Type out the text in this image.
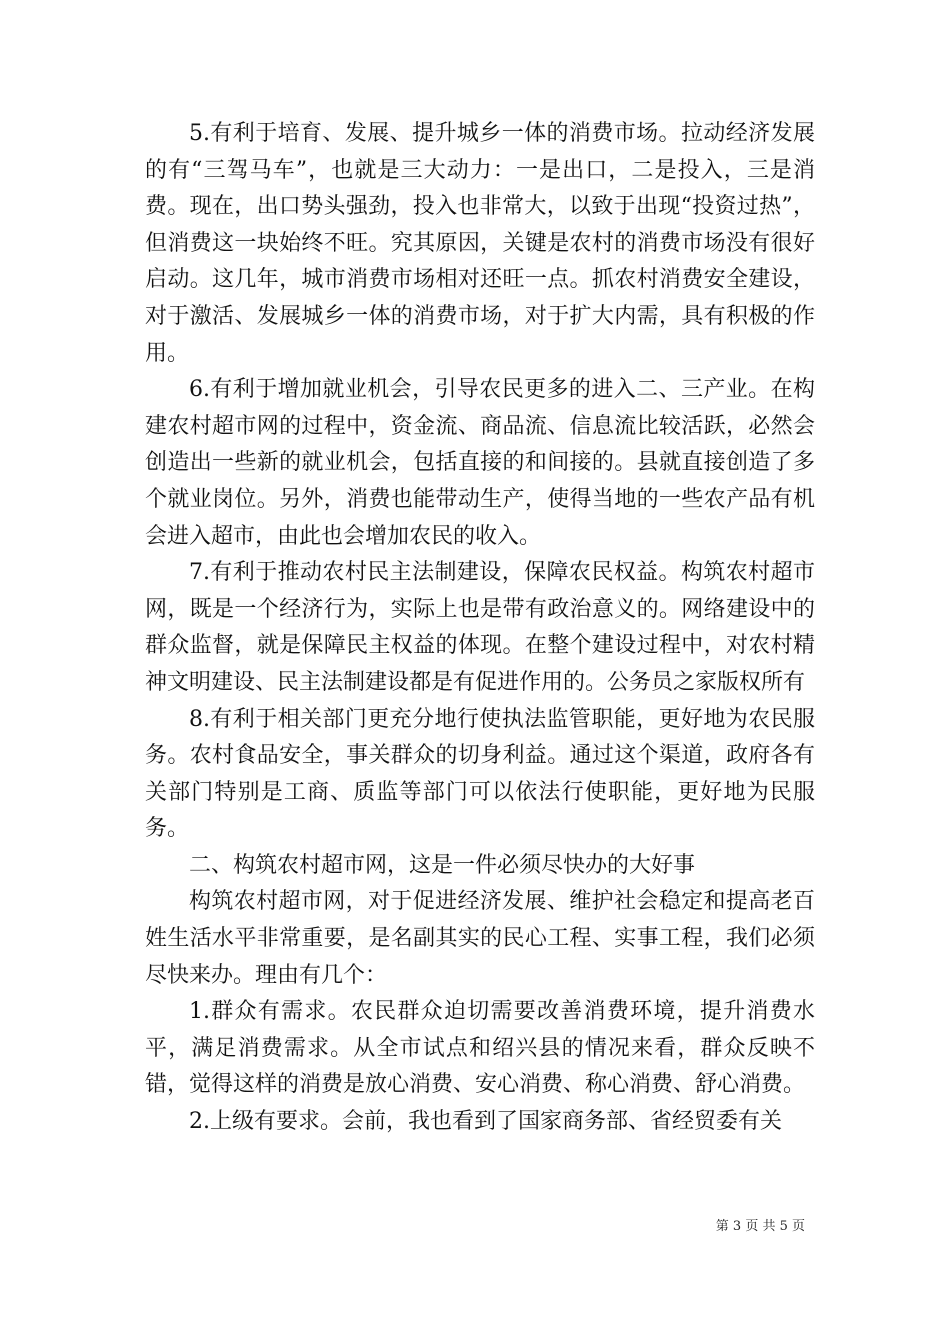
5.有利于培育、发展、提升城乡一体的消费市场。拉动经济发展的有“三驾马车”，也就是三大动力：一是出口，二是投入，三是消费。现在，出口势头强劲，投入也非常大，以致于出现“投资过热”，但消费这一块始终不旺。究其原因，关键是农村的消费市场没有很好启动。这几年，城市消费市场相对还旺一点。抓农村消费安全建设，对于激活、发展城乡一体的消费市场，对于扩大内需，具有积极的作用。

6.有利于增加就业机会，引导农民更多的进入二、三产业。在构建农村超市网的过程中，资金流、商品流、信息流比较活跃，必然会创造出一些新的就业机会，包括直接的和间接的。县就直接创造了多个就业岗位。另外，消费也能带动生产，使得当地的一些农产品有机会进入超市，由此也会增加农民的收入。

7.有利于推动农村民主法制建设，保障农民权益。构筑农村超市网，既是一个经济行为，实际上也是带有政治意义的。网络建设中的群众监督，就是保障民主权益的体现。在整个建设过程中，对农村精神文明建设、民主法制建设都是有促进作用的。公务员之家版权所有

8.有利于相关部门更充分地行使执法监管职能，更好地为农民服务。农村食品安全，事关群众的切身利益。通过这个渠道，政府各有关部门特别是工商、质监等部门可以依法行使职能，更好地为民服务。

二、构筑农村超市网，这是一件必须尽快办的大好事

构筑农村超市网，对于促进经济发展、维护社会稳定和提高老百姓生活水平非常重要，是名副其实的民心工程、实事工程，我们必须尽快来办。理由有几个：

1.群众有需求。农民群众迫切需要改善消费环境，提升消费水平，满足消费需求。从全市试点和绍兴县的情况来看，群众反映不错，觉得这样的消费是放心消费、安心消费、称心消费、舒心消费。

2.上级有要求。会前，我也看到了国家商务部、省经贸委有关

第 3 页 共 5 页
